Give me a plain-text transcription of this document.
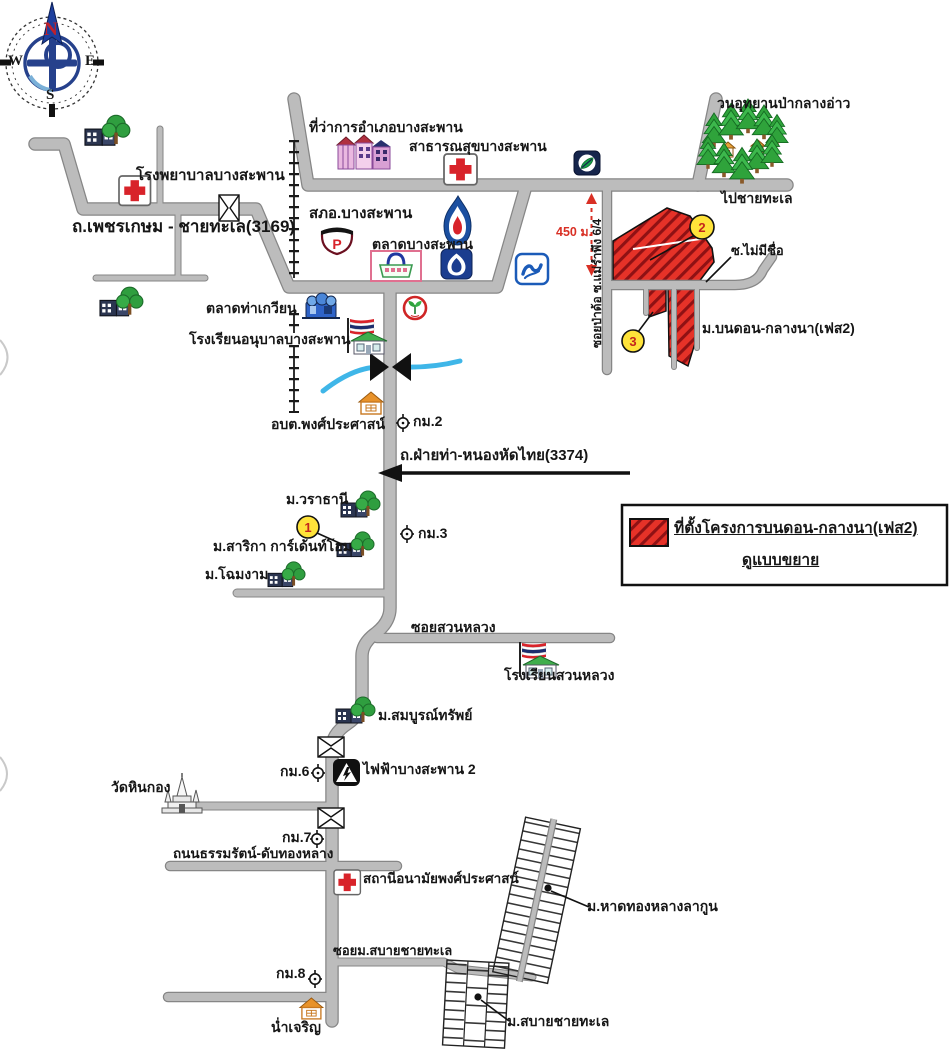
P
1
2
3
N
W	E
S
โรงพยาบาลบางสะพาน
ถ.เพชรเกษม - ชายทะเล(3169)
ที่ว่าการอำเภอบางสะพาน
สาธารณสุขบางสะพาน
สภอ.บางสะพาน
ตลาดบางสะพาน
ตลาดท่าเกวียน
โรงเรียนอนุบาลบางสะพาน
อบต.พงศ์ประศาสน์ กม.2
ถ.ฝ่ายท่า-หนองหัดไทย(3374)
ม.วราธานี
กม.3
ม.สาริกา การ์เด้นท์โฮม
ม.โฉมงาม
วนอุทยานป่ากลางอ่าว
ไปชายทะเล
450 ม.
ซอยป่าด้อ ซ.แม่รำพึง 6/4	ซ.ไม่มีชื่อ
ม.บนดอน-กลางนา(เฟส2)
ซอยสวนหลวง
โรงเรียนสวนหลวง
ม.สมบูรณ์ทรัพย์
กม.6	ไฟฟ้าบางสะพาน 2
วัดหินกอง
กม.7
ถนนธรรมรัตน์-ดับทองหลาง
สถานีอนามัยพงศ์ประศาสน์
ซอยม.สบายชายทะเล
กม.8
น่ำเจริญ
ม.หาดทองหลางลากูน
ม.สบายชายทะเล
ที่ตั้งโครงการบนดอน-กลางนา(เฟส2)
ดูแบบขยาย
